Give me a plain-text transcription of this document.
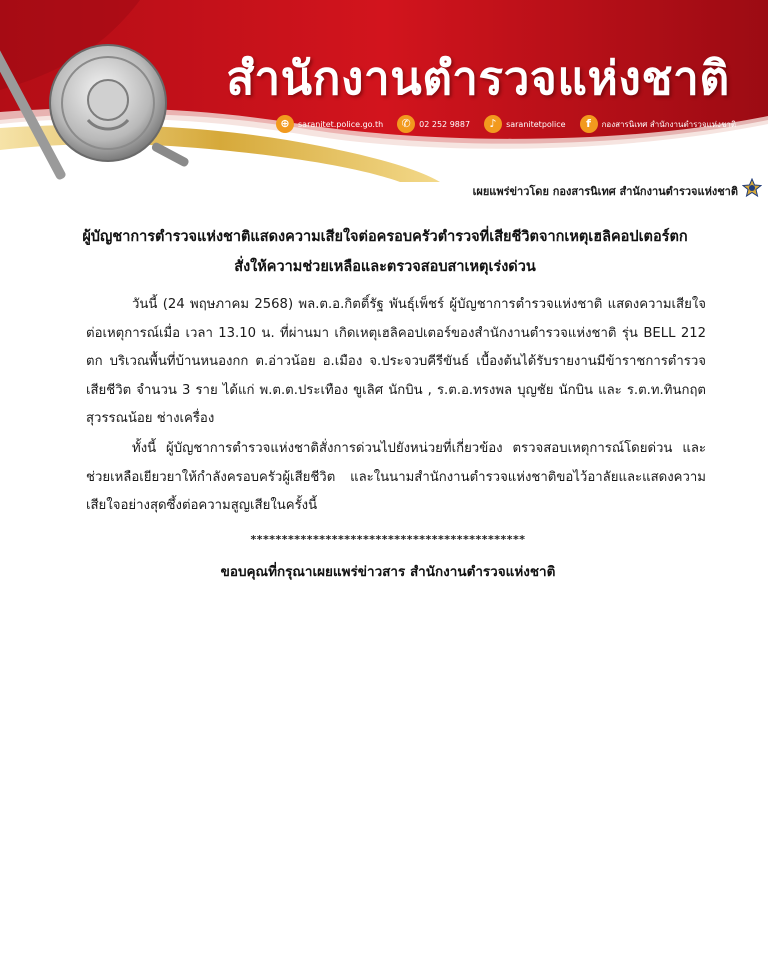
สำนักงานตำรวจแห่งชาติ
⊕	saranitet.police.go.th	✆	02 252 9887	♪	saranitetpolice	f	กองสารนิเทศ สำนักงานตำรวจแห่งชาติ
เผยแพร่ข่าวโดย กองสารนิเทศ สำนักงานตำรวจแห่งชาติ
ผู้บัญชาการตำรวจแห่งชาติแสดงความเสียใจต่อครอบครัวตำรวจที่เสียชีวิตจากเหตุเฮลิคอปเตอร์ตก
สั่งให้ความช่วยเหลือและตรวจสอบสาเหตุเร่งด่วน
วันนี้ (24 พฤษภาคม 2568) พล.ต.อ.กิตติ์รัฐ พันธุ์เพ็ชร์ ผู้บัญชาการตำรวจแห่งชาติ แสดงความเสียใจต่อเหตุการณ์เมื่อ เวลา 13.10 น. ที่ผ่านมา เกิดเหตุเฮลิคอปเตอร์ของสำนักงานตำรวจแห่งชาติ รุ่น BELL 212 ตก บริเวณพื้นที่บ้านหนองกก ต.อ่าวน้อย อ.เมือง จ.ประจวบคีรีขันธ์ เบื้องต้นได้รับรายงานมีข้าราชการตำรวจเสียชีวิต จำนวน 3 ราย ได้แก่ พ.ต.ต.ประเทือง ขูเลิศ นักบิน , ร.ต.อ.ทรงพล บุญชัย นักบิน และ ร.ต.ท.ทินกฤต สุวรรณน้อย ช่างเครื่อง
ทั้งนี้ ผู้บัญชาการตำรวจแห่งชาติสั่งการด่วนไปยังหน่วยที่เกี่ยวข้อง ตรวจสอบเหตุการณ์โดยด่วน และช่วยเหลือเยียวยาให้กำลังครอบครัวผู้เสียชีวิต และในนามสำนักงานตำรวจแห่งชาติขอไว้อาลัยและแสดงความเสียใจอย่างสุดซึ้งต่อความสูญเสียในครั้งนี้
********************************************
ขอบคุณที่กรุณาเผยแพร่ข่าวสาร สำนักงานตำรวจแห่งชาติ
